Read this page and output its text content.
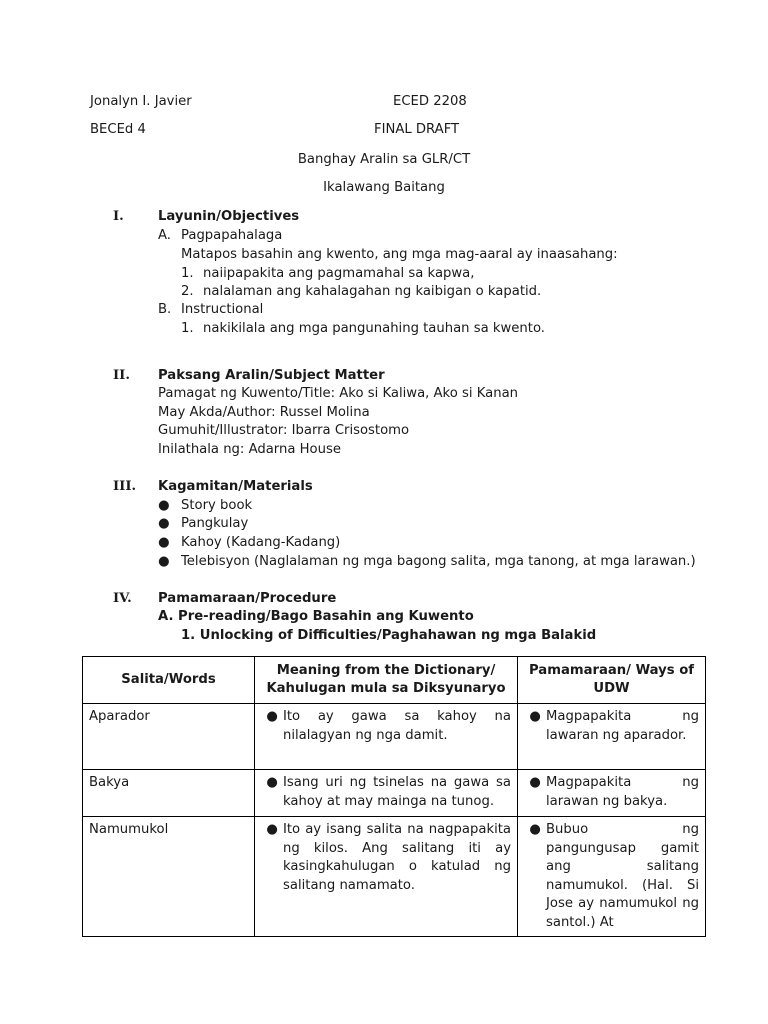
Jonalyn I. Javier	ECED 2208
BECEd 4	FINAL DRAFT
Banghay Aralin sa GLR/CT
Ikalawang Baitang
I.	Layunin/Objectives
A. Pagpapahalaga
Matapos basahin ang kwento, ang mga mag-aaral ay inaasahang:
1. naiipapakita ang pagmamahal sa kapwa,
2. nalalaman ang kahalagahan ng kaibigan o kapatid.
B. Instructional
1. nakikilala ang mga pangunahing tauhan sa kwento.
II. Paksang Aralin/Subject Matter
Pamagat ng Kuwento/Title: Ako si Kaliwa, Ako si Kanan
May Akda/Author: Russel Molina
Gumuhit/Illustrator: Ibarra Crisostomo
Inilathala ng: Adarna House
III. Kagamitan/Materials
● Story book
● Pangkulay
● Kahoy (Kadang-Kadang)
● Telebisyon (Naglalaman ng mga bagong salita, mga tanong, at mga larawan.)
IV. Pamamaraan/Procedure
A. Pre-reading/Bago Basahin ang Kuwento
1. Unlocking of Difficulties/Paghahawan ng mga Balakid
Salita/Words	Meaning from the Dictionary/ Kahulugan mula sa Diksyunaryo	Pamamaraan/ Ways of UDW
Aparador	● Ito ay gawa sa kahoy na nilalagyan ng nga damit.	● Magpapakita ng lawaran ng aparador.

Bakya	● Isang uri ng tsinelas na gawa sa kahoy at may mainga na tunog.	● Magpapakita ng larawan ng bakya.

Namumukol	● Ito ay isang salita na nagpapakita ng kilos. Ang salitang iti ay kasingkahulugan o katulad ng salitang namamato.	● Bubuo ng pangungusap gamit ang salitang namumukol. (Hal. Si Jose ay namumukol ng santol.) At
